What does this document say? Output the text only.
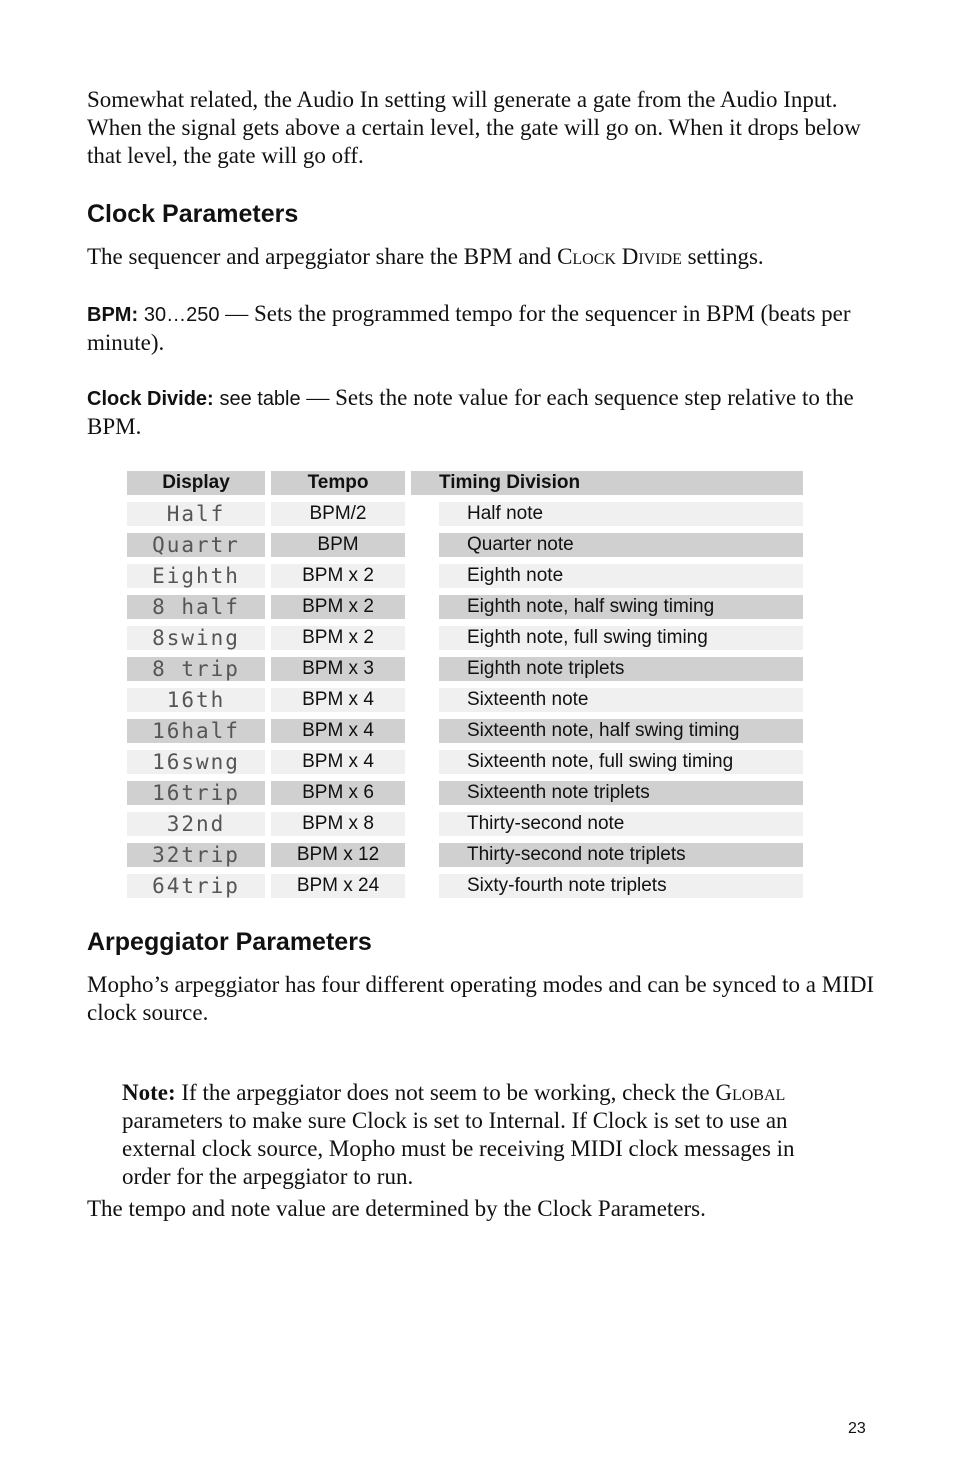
Somewhat related, the Audio In setting will generate a gate from the Audio Input. When the signal gets above a certain level, the gate will go on. When it drops below that level, the gate will go off.

Clock Parameters

The sequencer and arpeggiator share the BPM and Clock Divide settings.

BPM: 30…250 — Sets the programmed tempo for the sequencer in BPM (beats per minute).

Clock Divide: see table — Sets the note value for each sequence step relative to the BPM.

Display		Tempo		Timing Division

Half		BPM/2		Half note

Quartr		BPM		Quarter note

Eighth		BPM x 2		Eighth note

8 half		BPM x 2		Eighth note, half swing timing

8swing		BPM x 2		Eighth note, full swing timing

8 trip		BPM x 3		Eighth note triplets

16th		BPM x 4		Sixteenth note

16half		BPM x 4		Sixteenth note, half swing timing

16swng		BPM x 4		Sixteenth note, full swing timing

16trip		BPM x 6		Sixteenth note triplets

32nd		BPM x 8		Thirty-second note

32trip		BPM x 12		Thirty-second note triplets

64trip		BPM x 24		Sixty-fourth note triplets
Arpeggiator Parameters

Mopho’s arpeggiator has four different operating modes and can be synced to a MIDI clock source.

Note: If the arpeggiator does not seem to be working, check the Global parameters to make sure Clock is set to Internal. If Clock is set to use an external clock source, Mopho must be receiving MIDI clock messages in order for the arpeggiator to run.

The tempo and note value are determined by the Clock Parameters.

23
